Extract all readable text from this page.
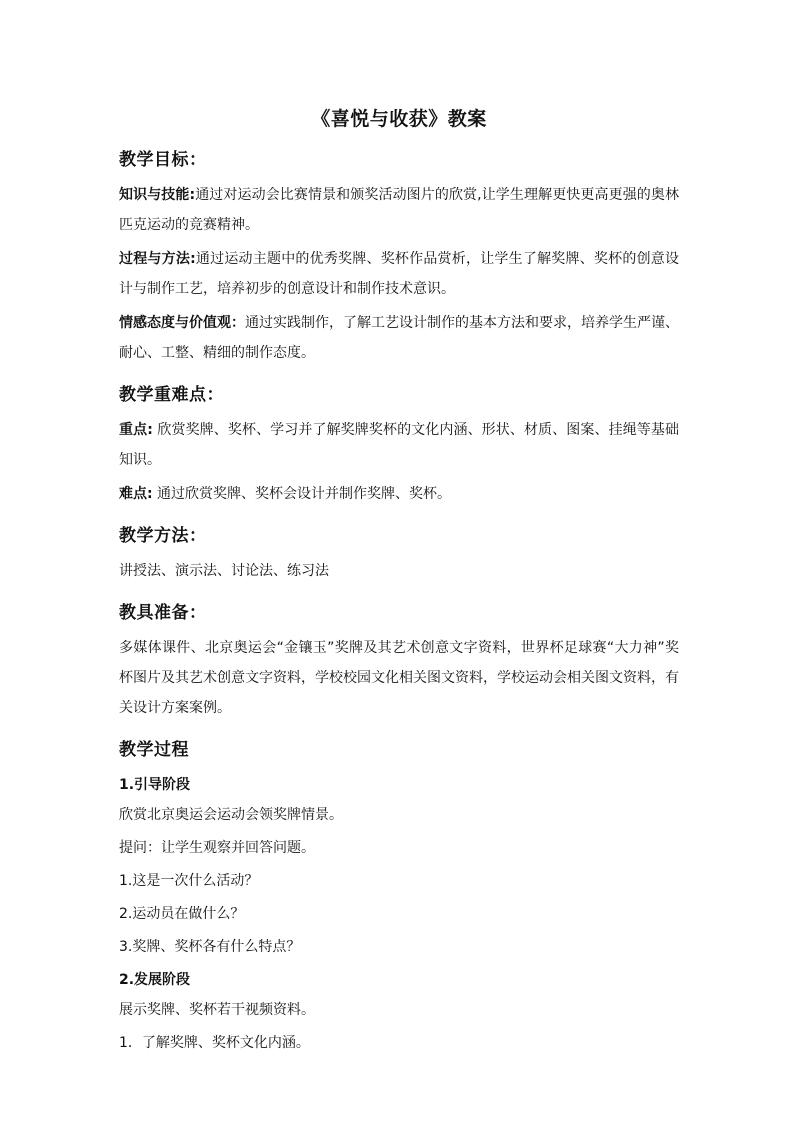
《喜悦与收获》教案
教学目标：

知识与技能:通过对运动会比赛情景和颁奖活动图片的欣赏,让学生理解更快更高更强的奥林匹克运动的竞赛精神。

过程与方法:通过运动主题中的优秀奖牌、奖杯作品赏析，让学生了解奖牌、奖杯的创意设计与制作工艺，培养初步的创意设计和制作技术意识。

情感态度与价值观：通过实践制作，了解工艺设计制作的基本方法和要求，培养学生严谨、耐心、工整、精细的制作态度。

教学重难点：

重点: 欣赏奖牌、奖杯、学习并了解奖牌奖杯的文化内涵、形状、材质、图案、挂绳等基础知识。

难点: 通过欣赏奖牌、奖杯会设计并制作奖牌、奖杯。

教学方法：

讲授法、演示法、讨论法、练习法

教具准备：

多媒体课件、北京奥运会“金镶玉”奖牌及其艺术创意文字资料，世界杯足球赛“大力神”奖杯图片及其艺术创意文字资料，学校校园文化相关图文资料，学校运动会相关图文资料，有关设计方案案例。

教学过程

1.引导阶段

欣赏北京奥运会运动会领奖牌情景。

提问：让学生观察并回答问题。

1.这是一次什么活动？

2.运动员在做什么？

3.奖牌、奖杯各有什么特点？

2.发展阶段

展示奖牌、奖杯若干视频资料。

1．了解奖牌、奖杯文化内涵。
